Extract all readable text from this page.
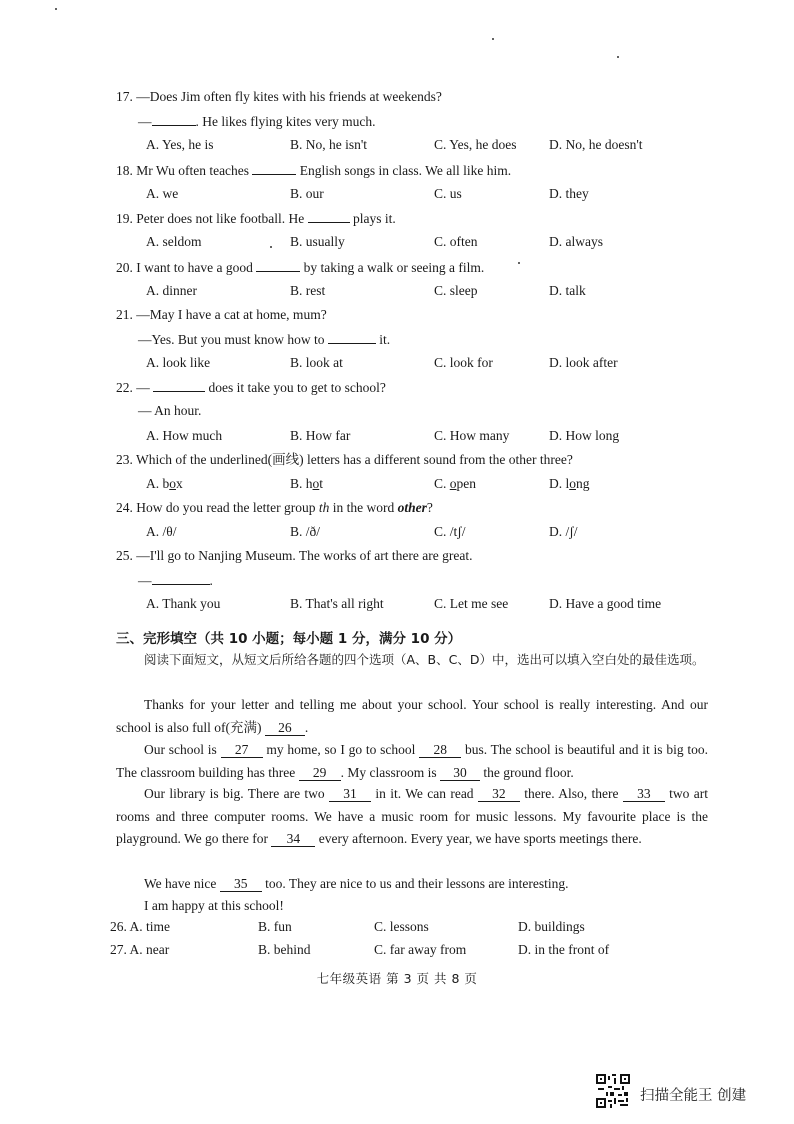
17. —Does Jim often fly kites with his friends at weekends?
—	. He likes flying kites very much.
A. Yes, he is	B. No, he isn't	C. Yes, he does D. No, he doesn't
18. Mr Wu often teaches	English songs in class. We all like him.
A. we	B. our	C. us	D. they
19. Peter does not like football. He	plays it.
A. seldom	B. usually	C. often	D. always
20. I want to have a good	by taking a walk or seeing a film.
A. dinner	B. rest	C. sleep	D. talk
21. —May I have a cat at home, mum?
—Yes. But you must know how to	it.
A. look like	B. look at	C. look for	D. look after
22. —	does it take you to get to school?
— An hour.
A. How much	B. How far	C. How many	D. How long
23. Which of the underlined(画线) letters has a different sound from the other three?
A. box	B. hot	C. open	D. long
24. How do you read the letter group th in the word other?
A. /θ/	B. /ð/	C. /tʃ/	D. /ʃ/
25. —I'll go to Nanjing Museum. The works of art there are great.
—	.
A. Thank you	B. That's all right	C. Let me see	D. Have a good time
三、完形填空（共 10 小题；每小题 1 分，满分 10 分）
阅读下面短文，从短文后所给各题的四个选项（A、B、C、D）中，选出可以填入空白处的最佳选项。
Thanks for your letter and telling me about your school. Your school is really interesting. And our school is also full of(充满) 26 .
Our school is 27 my home, so I go to school 28 bus. The school is beautiful and it is big too. The classroom building has three 29 . My classroom is 30 the ground floor.
Our library is big. There are two 31 in it. We can read 32 there. Also, there 33 two art rooms and three computer rooms. We have a music room for music lessons. My favourite place is the playground. We go there for 34 every afternoon. Every year, we have sports meetings there.
We have nice 35 too. They are nice to us and their lessons are interesting.
I am happy at this school!
26. A. time	B. fun	C. lessons	D. buildings
27. A. near	B. behind	C. far away from	D. in the front of
七年级英语 第 3 页 共 8 页
扫描全能王 创建
